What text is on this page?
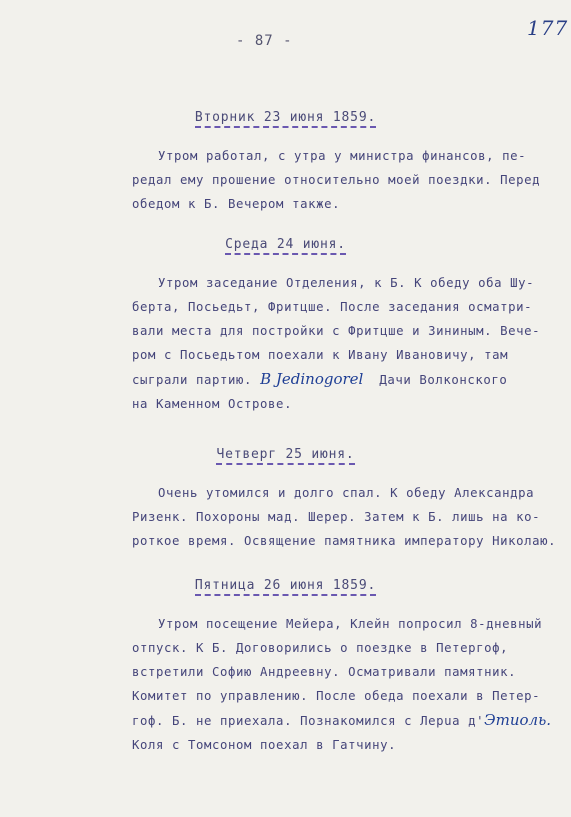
- 87 -
177
Вторник 23 июня 1859.
Утром работал, с утра у министра финансов, пе-
редал ему прошение относительно моей поездки. Перед
обедом к Б. Вечером также.
Среда 24 июня.
Утром заседание Отделения, к Б. К обеду оба Шу-
берта, Посьедьт, Фритцше. После заседания осматри-
вали места для постройки с Фритцше и Зининым. Вече-
ром с Посьедьтом поехали к Ивану Ивановичу, там
сыграли партию. В Jedinogorel Дачи Волконского
на Каменном Острове.
Четверг 25 июня.
Очень утомился и долго спал. К обеду Александра
Ризенк. Похороны мад. Шерер. Затем к Б. лишь на ко-
роткое время. Освящение памятника императору Николаю.
Пятница 26 июня 1859.
Утром посещение Мейера, Клейн попросил 8-дневный
отпуск. К Б. Договорились о поездке в Петергоф,
встретили Софию Андреевну. Осматривали памятник.
Комитет по управлению. После обеда поехали в Петер-
гоф. Б. не приехала. Познакомился с Лерua д'Этиоль.
Коля с Томсоном поехал в Гатчину.
